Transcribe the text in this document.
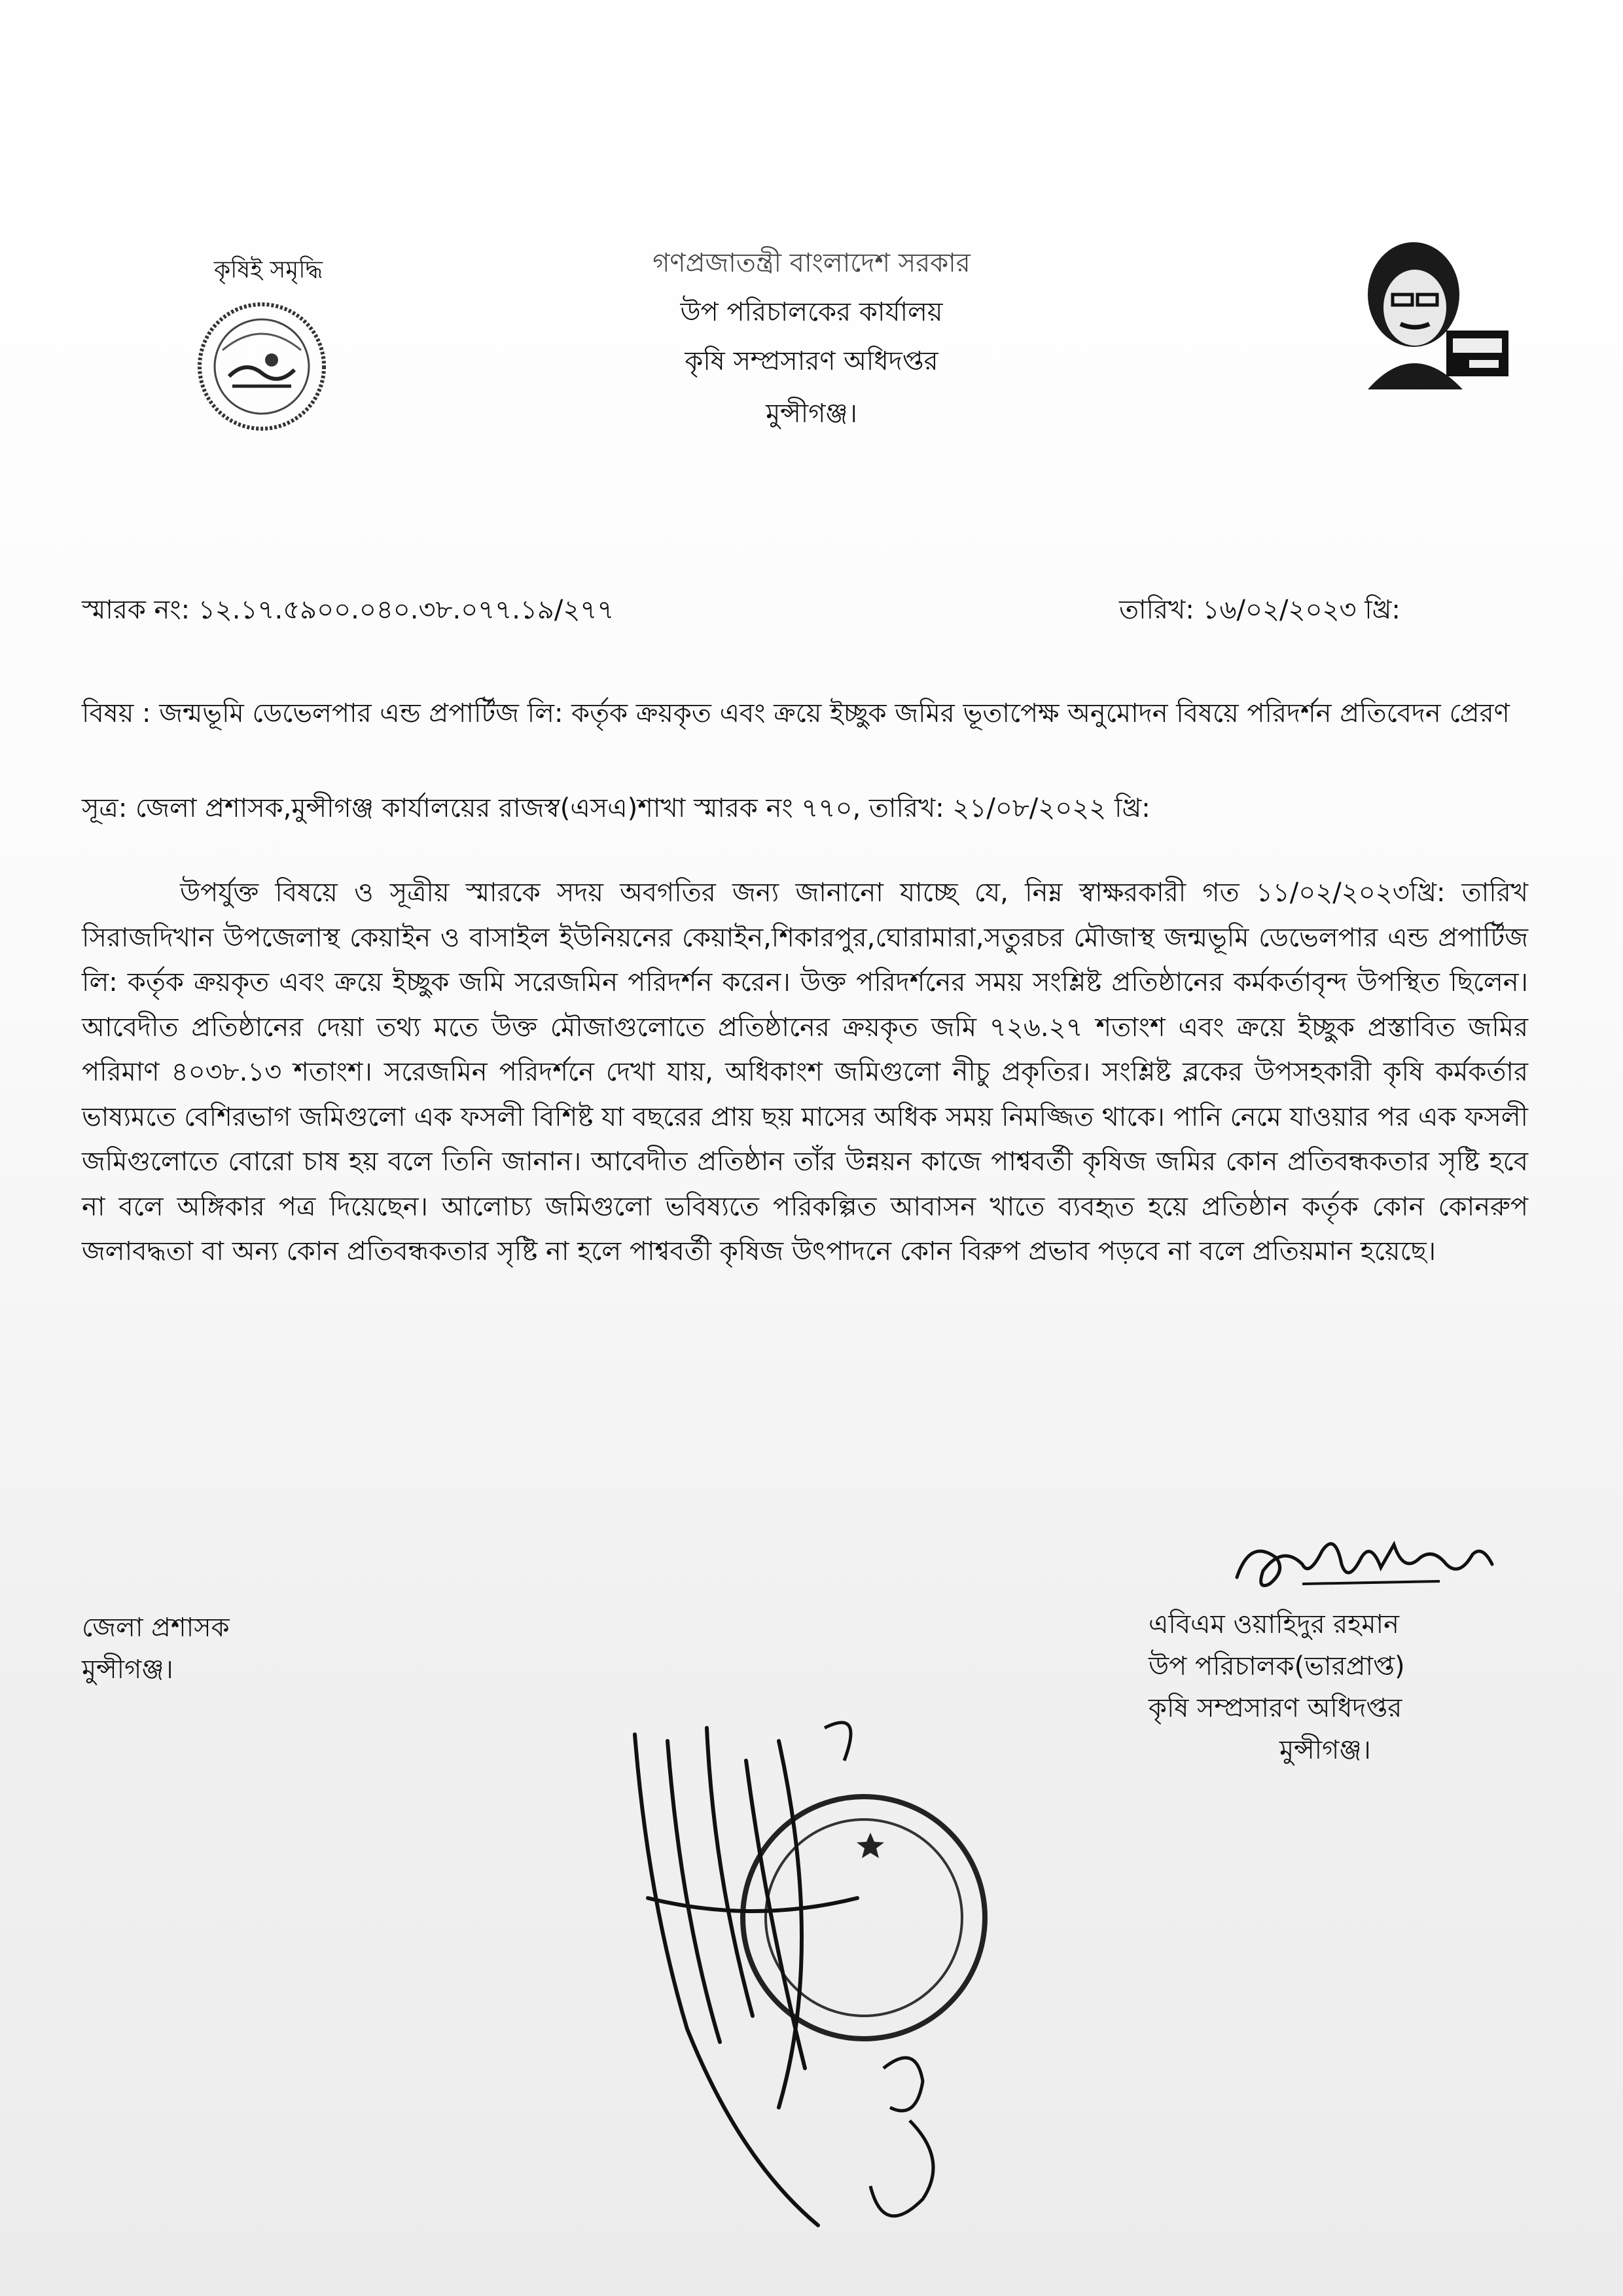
কৃষিই সমৃদ্ধি	গণপ্রজাতন্ত্রী বাংলাদেশ সরকার
উপ পরিচালকের কার্যালয়
কৃষি সম্প্রসারণ অধিদপ্তর
মুন্সীগঞ্জ।
স্মারক নং: ১২.১৭.৫৯০০.০৪০.৩৮.০৭৭.১৯/২৭৭	তারিখ: ১৬/০২/২০২৩ খ্রি:
বিষয় : জন্মভূমি ডেভেলপার এন্ড প্রপার্টিজ লি: কর্তৃক ক্রয়কৃত এবং ক্রয়ে ইচ্ছুক জমির ভূতাপেক্ষ অনুমোদন বিষয়ে পরিদর্শন প্রতিবেদন প্রেরণ
সূত্র: জেলা প্রশাসক,মুন্সীগঞ্জ কার্যালয়ের রাজস্ব(এসএ)শাখা স্মারক নং ৭৭০, তারিখ: ২১/০৮/২০২২ খ্রি:
উপর্যুক্ত বিষয়ে ও সূত্রীয় স্মারকে সদয় অবগতির জন্য জানানো যাচ্ছে যে, নিম্ন স্বাক্ষরকারী গত ১১/০২/২০২৩খ্রি: তারিখ সিরাজদিখান উপজেলাস্থ কেয়াইন ও বাসাইল ইউনিয়নের কেয়াইন,শিকারপুর,ঘোরামারা,সতুরচর মৌজাস্থ জন্মভূমি ডেভেলপার এন্ড প্রপার্টিজ লি: কর্তৃক ক্রয়কৃত এবং ক্রয়ে ইচ্ছুক জমি সরেজমিন পরিদর্শন করেন। উক্ত পরিদর্শনের সময় সংশ্লিষ্ট প্রতিষ্ঠানের কর্মকর্তাবৃন্দ উপস্থিত ছিলেন। আবেদীত প্রতিষ্ঠানের দেয়া তথ্য মতে উক্ত মৌজাগুলোতে প্রতিষ্ঠানের ক্রয়কৃত জমি ৭২৬.২৭ শতাংশ এবং ক্রয়ে ইচ্ছুক প্রস্তাবিত জমির পরিমাণ ৪০৩৮.১৩ শতাংশ। সরেজমিন পরিদর্শনে দেখা যায়, অধিকাংশ জমিগুলো নীচু প্রকৃতির। সংশ্লিষ্ট ব্লকের উপসহকারী কৃষি কর্মকর্তার ভাষ্যমতে বেশিরভাগ জমিগুলো এক ফসলী বিশিষ্ট যা বছরের প্রায় ছয় মাসের অধিক সময় নিমজ্জিত থাকে। পানি নেমে যাওয়ার পর এক ফসলী জমিগুলোতে বোরো চাষ হয় বলে তিনি জানান। আবেদীত প্রতিষ্ঠান তাঁর উন্নয়ন কাজে পাশ্ববর্তী কৃষিজ জমির কোন প্রতিবন্ধকতার সৃষ্টি হবে না বলে অঙ্গিকার পত্র দিয়েছেন। আলোচ্য জমিগুলো ভবিষ্যতে পরিকল্পিত আবাসন খাতে ব্যবহৃত হয়ে প্রতিষ্ঠান কর্তৃক কোন কোনরুপ জলাবদ্ধতা বা অন্য কোন প্রতিবন্ধকতার সৃষ্টি না হলে পাশ্ববর্তী কৃষিজ উৎপাদনে কোন বিরুপ প্রভাব পড়বে না বলে প্রতিয়মান হয়েছে।
জেলা প্রশাসক
মুন্সীগঞ্জ।
এবিএম ওয়াহিদুর রহমান
উপ পরিচালক(ভারপ্রাপ্ত)
কৃষি সম্প্রসারণ অধিদপ্তর
মুন্সীগঞ্জ।
